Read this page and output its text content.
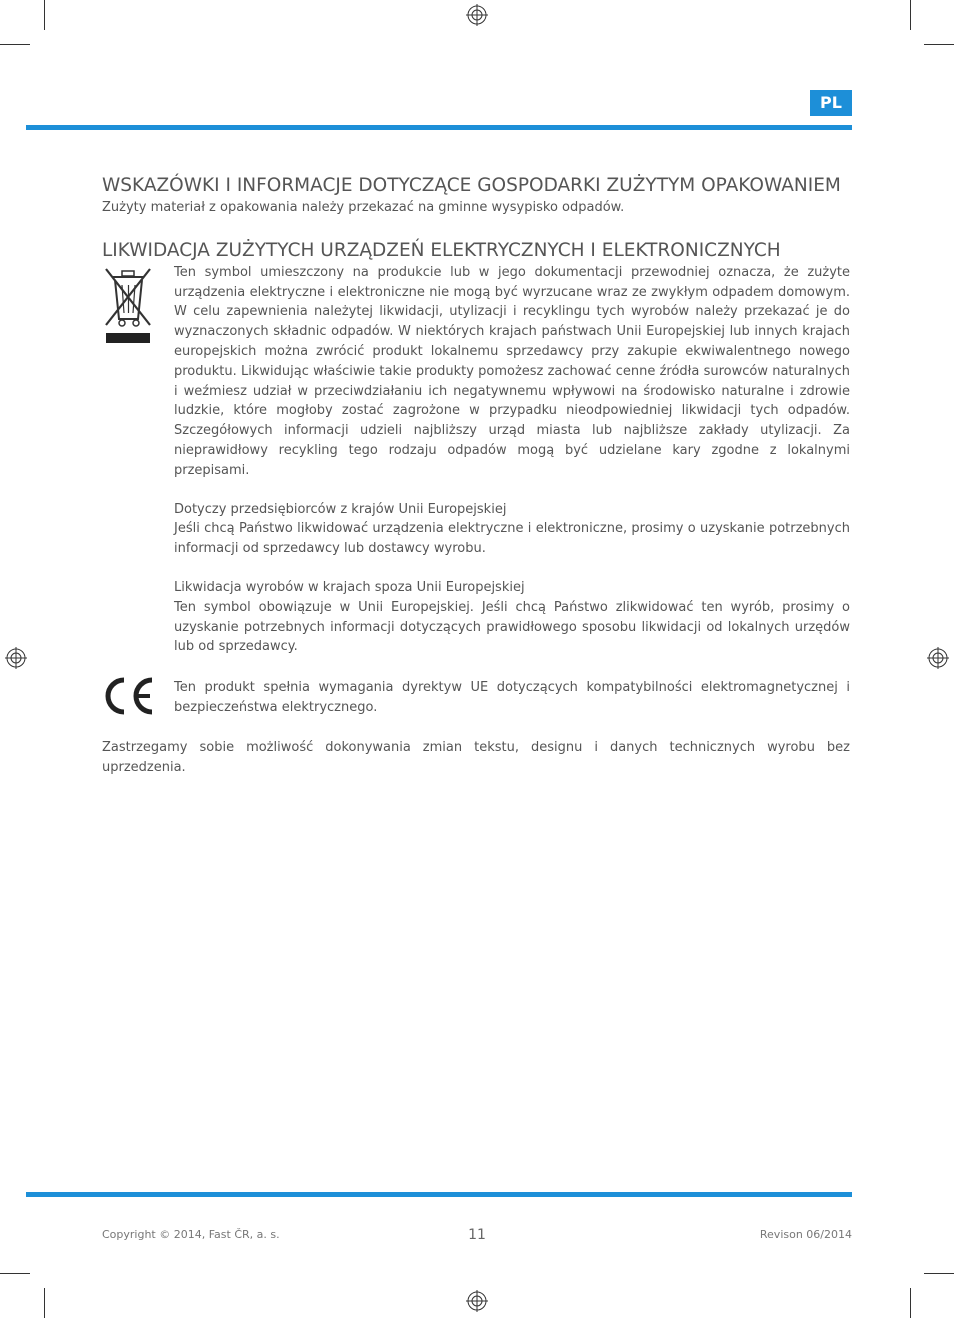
PL
WSKAZÓWKI I INFORMACJE DOTYCZĄCE GOSPODARKI ZUŻYTYM OPAKOWANIEM

Zużyty materiał z opakowania należy przekazać na gminne wysypisko odpadów.

LIKWIDACJA ZUŻYTYCH URZĄDZEŃ ELEKTRYCZNYCH I ELEKTRONICZNYCH

Ten symbol umieszczony na produkcie lub w jego dokumentacji przewodniej oznacza, że zużyte urządzenia elektryczne i elektroniczne nie mogą być wyrzucane wraz ze zwykłym odpadem domowym. W celu zapewnienia należytej likwidacji, utylizacji i recyklingu tych wyrobów należy przekazać je do wyznaczonych składnic odpadów. W niektórych krajach państwach Unii Europejskiej lub innych krajach europejskich można zwrócić produkt lokalnemu sprzedawcy przy zakupie ekwiwalentnego nowego produktu. Likwidując właściwie takie produkty pomożesz zachować cenne źródła surowców naturalnych i weźmiesz udział w przeciwdziałaniu ich negatywnemu wpływowi na środowisko naturalne i zdrowie ludzkie, które mogłoby zostać zagrożone w przypadku nieodpowiedniej likwidacji tych odpadów. Szczegółowych informacji udzieli najbliższy urząd miasta lub najbliższe zakłady utylizacji. Za nieprawidłowy recykling tego rodzaju odpadów mogą być udzielane kary zgodne z lokalnymi przepisami.

Dotyczy przedsiębiorców z krajów Unii Europejskiej

Jeśli chcą Państwo likwidować urządzenia elektryczne i elektroniczne, prosimy o uzyskanie potrzebnych informacji od sprzedawcy lub dostawcy wyrobu.

Likwidacja wyrobów w krajach spoza Unii Europejskiej

Ten symbol obowiązuje w Unii Europejskiej. Jeśli chcą Państwo zlikwidować ten wyrób, prosimy o uzyskanie potrzebnych informacji dotyczących prawidłowego sposobu likwidacji od lokalnych urzędów lub od sprzedawcy.

Ten produkt spełnia wymagania dyrektyw UE dotyczących kompatybilności elektromagnetycznej i bezpieczeństwa elektrycznego.

Zastrzegamy sobie możliwość dokonywania zmian tekstu, designu i danych technicznych wyrobu bez uprzedzenia.

Copyright © 2014, Fast ČR, a. s.	11	Revison 06/2014
